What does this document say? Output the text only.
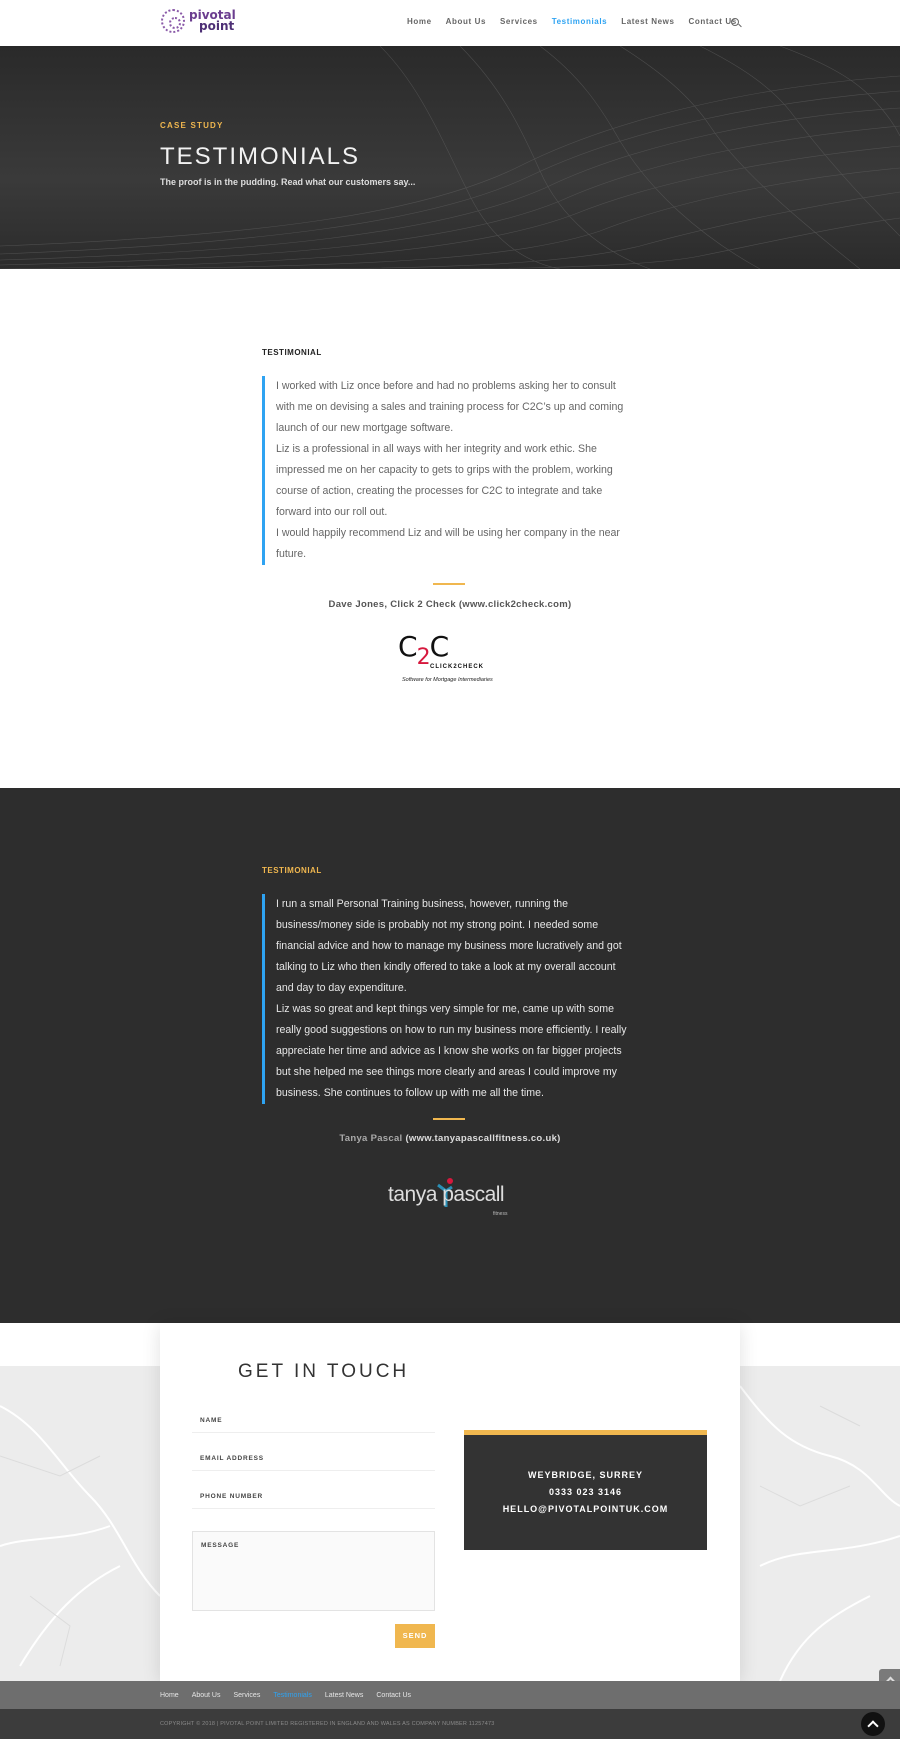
pivotal
point	Home About Us Services Testimonials Latest News Contact Us
CASE STUDY
TESTIMONIALS
The proof is in the pudding. Read what our customers say...
TESTIMONIAL

I worked with Liz once before and had no problems asking her to consult with me on devising a sales and training process for C2C’s up and coming launch of our new mortgage software.

Liz is a professional in all ways with her integrity and work ethic. She impressed me on her capacity to gets to grips with the problem, working course of action, creating the processes for C2C to integrate and take forward into our roll out.

I would happily recommend Liz and will be using her company in the near future.

Dave Jones, Click 2 Check (www.click2check.com)
$C_2C$
CLICK2CHECK
Software for Mortgage Intermediaries
TESTIMONIAL

I run a small Personal Training business, however, running the business/money side is probably not my strong point. I needed some financial advice and how to manage my business more lucratively and got talking to Liz who then kindly offered to take a look at my overall account and day to day expenditure.

Liz was so great and kept things very simple for me, came up with some really good suggestions on how to run my business more efficiently. I really appreciate her time and advice as I know she works on far bigger projects but she helped me see things more clearly and areas I could improve my business. She continues to follow up with me all the time.

Tanya Pascal (www.tanyapascallfitness.co.uk)
tanya pascall
fitness
GET IN TOUCH
NAME
EMAIL ADDRESS
PHONE NUMBER
MESSAGE
SEND
WEYBRIDGE, SURREY
0333 023 3146
HELLO@PIVOTALPOINTUK.COM
Home About Us Services Testimonials Latest News Contact Us
COPYRIGHT © 2018 | PIVOTAL POINT LIMITED REGISTERED IN ENGLAND AND WALES AS COMPANY NUMBER 11257473
